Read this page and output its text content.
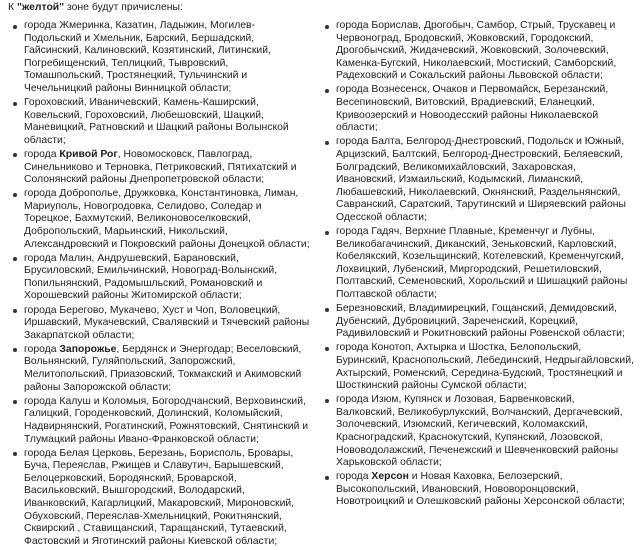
К "желтой" зоне будут причислены:
города Жмеринка, Казатин, Ладыжин, Могилев-Подольский и Хмельник, Барский, Бершадский, Гайсинский, Калиновский, Козятинский, Литинский, Погребищенский, Теплицкий, Тывровский, Томашпольский, Тростянецкий, Тульчинский и Чечельницкий районы Винницкой области;
Гороховский, Иваничевский, Камень-Каширский, Ковельский, Гороховский, Любешовский, Шацкий, Маневицкий, Ратновский и Шацкий районы Волынской области;
города Кривой Рог, Новомосковск, Павлоград, Синельниково и Терновка, Петриковский, Пятихатский и Солонянский районы Днепропетровской области;
города Доброполье, Дружковка, Константиновка, Лиман, Мариуполь, Новогродовка, Селидово, Соледар и Торецкое, Бахмутский, Великоновоселковский, Добропольский, Марьинский, Никольский, Александровский и Покровский районы Донецкой области;
города Малин, Андрушевский, Барановский, Брусиловский, Емильчинский, Новоград-Волынский, Попильнянский, Радомышльский, Романовский и Хорошевский районы Житомирской области;
города Берегово, Мукачево, Хуст и Чоп, Воловецкий, Иршавский, Мукачевский, Свалявский и Тячевский районы Закарпатской области;
города Запорожье, Бердянск и Энергодар; Веселовский, Вольнянский, Гуляйпольский, Запорожский, Мелитопольский, Приазовский, Токмакский и Акимовский районы Запорожской области;
города Калуш и Коломыя, Богородчанский, Верховинский, Галицкий, Городенковский, Долинский, Коломыйский, Надвирнянский, Рогатинский, Рожнятовский, Снятинский и Тлумацкий районы Ивано-Франковской области;
города Белая Церковь, Березань, Борисполь, Бровары, Буча, Переяслав, Ржищев и Славутич, Барышевский, Белоцерковский, Бородянский, Броварской, Васильковский, Вышгородский, Володарский, Иванковский, Кагарлицкий, Макаровский, Мироновский, Обуховский, Переяслав-Хмельницкий, Рокитнянский, Сквирский , Ставищанский, Таращанский, Тутаевский, Фастовский и Яготинский районы Киевской области;
города Борислав, Дрогобыч, Самбор, Стрый, Трускавец и Червоноград, Бродовский, Жовковский, Городокский, Дрогобычский, Жидачевский, Жовковский, Золочевский, Каменка-Бугский, Николаевский, Мостиский, Самборский, Радеховский и Сокальский районы Львовской области;
города Вознесенск, Очаков и Первомайск, Березанский, Весепиновский, Витовский, Врадиевский, Еланецкий, Кривоозерский и Новоодесский районы Николаевской области;
города Балта, Белгород-Днестровский, Подольск и Южный, Арцизский, Балтский, Белгород-Днестровский, Беляевский, Болградский, Великомихайловский, Захаровская, Ивановский, Измаильский, Кодымский, Лиманский, Любашевский, Николаевский, Окнянский, Раздельнянский, Савранский, Саратский, Тарутинский и Ширяевский районы Одесской области;
города Гадяч, Верхние Плавные, Кременчуг и Лубны, Великобагачинский, Диканский, Зеньковский, Карловский, Кобелякский, Козельщинский, Котелевский, Кременчугский, Лохвицкий, Лубенский, Миргородский, Решетиловский, Полтавский, Семеновский, Хорольский и Шишацкий районы Полтавской области;
Березновский, Владимирецкий, Гощанский, Демидовский, Дубенский, Дубровицкий, Зареченский, Корецкий, Радивиловский и Рокитновский районы Ровенской области;
города Конотоп, Ахтырка и Шостка, Белопольский, Буринский, Краснопольский, Лебединский, Недрыгайловский, Ахтырский, Роменский, Середина-Будский, Тростянецкий и Шосткинский районы Сумской области;
города Изюм, Купянск и Лозовая, Барвенковский, Валковский, Великобурлукский, Волчанский, Дергачевский, Золочевский, Изюмский, Кегичевский, Коломакский, Красноградский, Краснокутский, Купянский, Лозовской, Нововодолажский, Печенежский и Шевченковский районы Харьковской области;
города Херсон и Новая Каховка, Белозерский, Высокопольский, Ивановский, Нововоронцовский, Новотроицкий и Олешковский районы Херсонской области;
